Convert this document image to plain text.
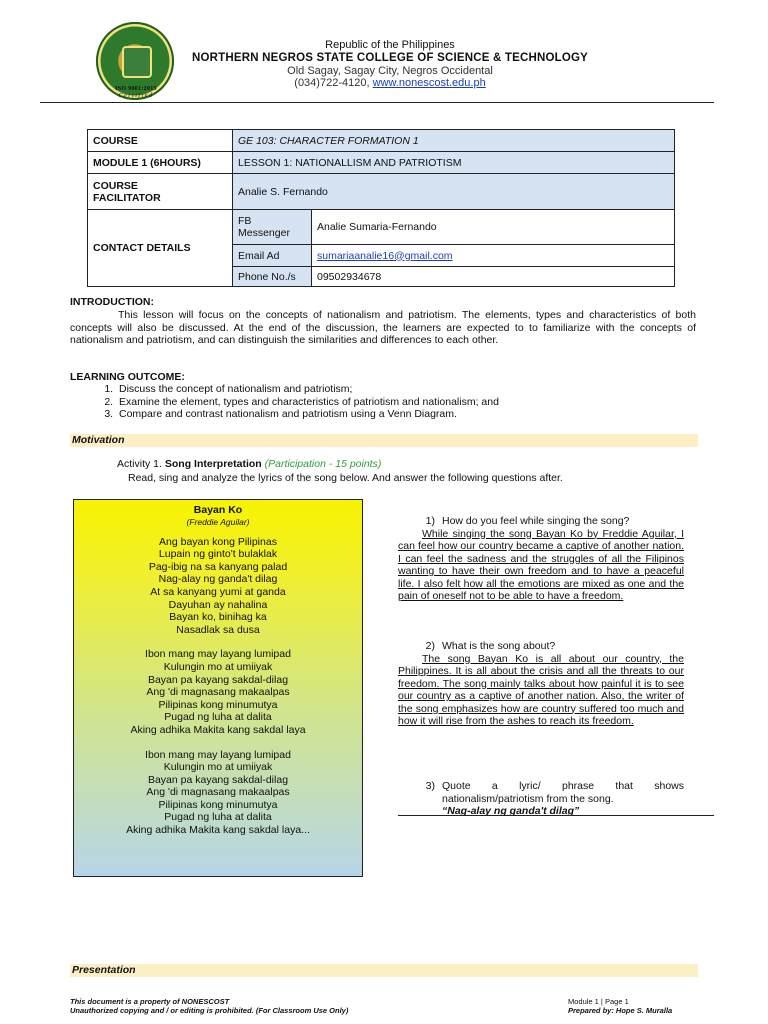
ISO 9001:2015
Certified
Republic of the Philippines
NORTHERN NEGROS STATE COLLEGE OF SCIENCE & TECHNOLOGY
Old Sagay, Sagay City, Negros Occidental
(034)722-4120, www.nonescost.edu.ph
COURSE	GE 103: CHARACTER FORMATION 1	
MODULE 1 (6HOURS)	LESSON 1: NATIONALLISM AND PATRIOTISM	

COURSE
FACILITATOR	Analie S. Fernando	
CONTACT DETAILS	FB Messenger	Analie Sumaria-Fernando
	Email Ad	sumariaanalie16@gmail.com
	Phone No./s	09502934678
INTRODUCTION:
This lesson will focus on the concepts of nationalism and patriotism. The elements, types and characteristics of both concepts will also be discussed. At the end of the discussion, the learners are expected to to familiarize with the concepts of nationalism and patriotism, and can distinguish the similarities and differences to each other.
LEARNING OUTCOME:
1. Discuss the concept of nationalism and patriotism;
2. Examine the element, types and characteristics of patriotism and nationalism; and
3. Compare and contrast nationalism and patriotism using a Venn Diagram.
Motivation
Activity 1. Song Interpretation (Participation - 15 points)
Read, sing and analyze the lyrics of the song below. And answer the following questions after.
Bayan Ko
(Freddie Aguilar)
Ang bayan kong Pilipinas
Lupain ng ginto't bulaklak
Pag-ibig na sa kanyang palad
Nag-alay ng ganda't dilag
At sa kanyang yumi at ganda
Dayuhan ay nahalina
Bayan ko, binihag ka
Nasadlak sa dusa
Ibon mang may layang lumipad
Kulungin mo at umiiyak
Bayan pa kayang sakdal-dilag
Ang 'di magnasang makaalpas
Pilipinas kong minumutya
Pugad ng luha at dalita
Aking adhika Makita kang sakdal laya
Ibon mang may layang lumipad
Kulungin mo at umiiyak
Bayan pa kayang sakdal-dilag
Ang 'di magnasang makaalpas
Pilipinas kong minumutya
Pugad ng luha at dalita
Aking adhika Makita kang sakdal laya...
1) How do you feel while singing the song?
While singing the song Bayan Ko by Freddie Aguilar, I can feel how our country became a captive of another nation. I can feel the sadness and the struggles of all the Filipinos wanting to have their own freedom and to have a peaceful life. I also felt how all the emotions are mixed as one and the pain of oneself not to be able to have a freedom.
2) What is the song about?
The song Bayan Ko is all about our country, the Philippines. It is all about the crisis and all the threats to our freedom. The song mainly talks about how painful it is to see our country as a captive of another nation. Also, the writer of the song emphasizes how are country suffered too much and how it will rise from the ashes to reach its freedom.
3) Quote a lyric/ phrase that shows nationalism/patriotism from the song.
“Nag-alay ng ganda't dilag”
Presentation
This document is a property of NONESCOST
Unauthorized copying and / or editing is prohibited. (For Classroom Use Only)
Module 1 | Page 1
Prepared by: Hope S. Muralla
